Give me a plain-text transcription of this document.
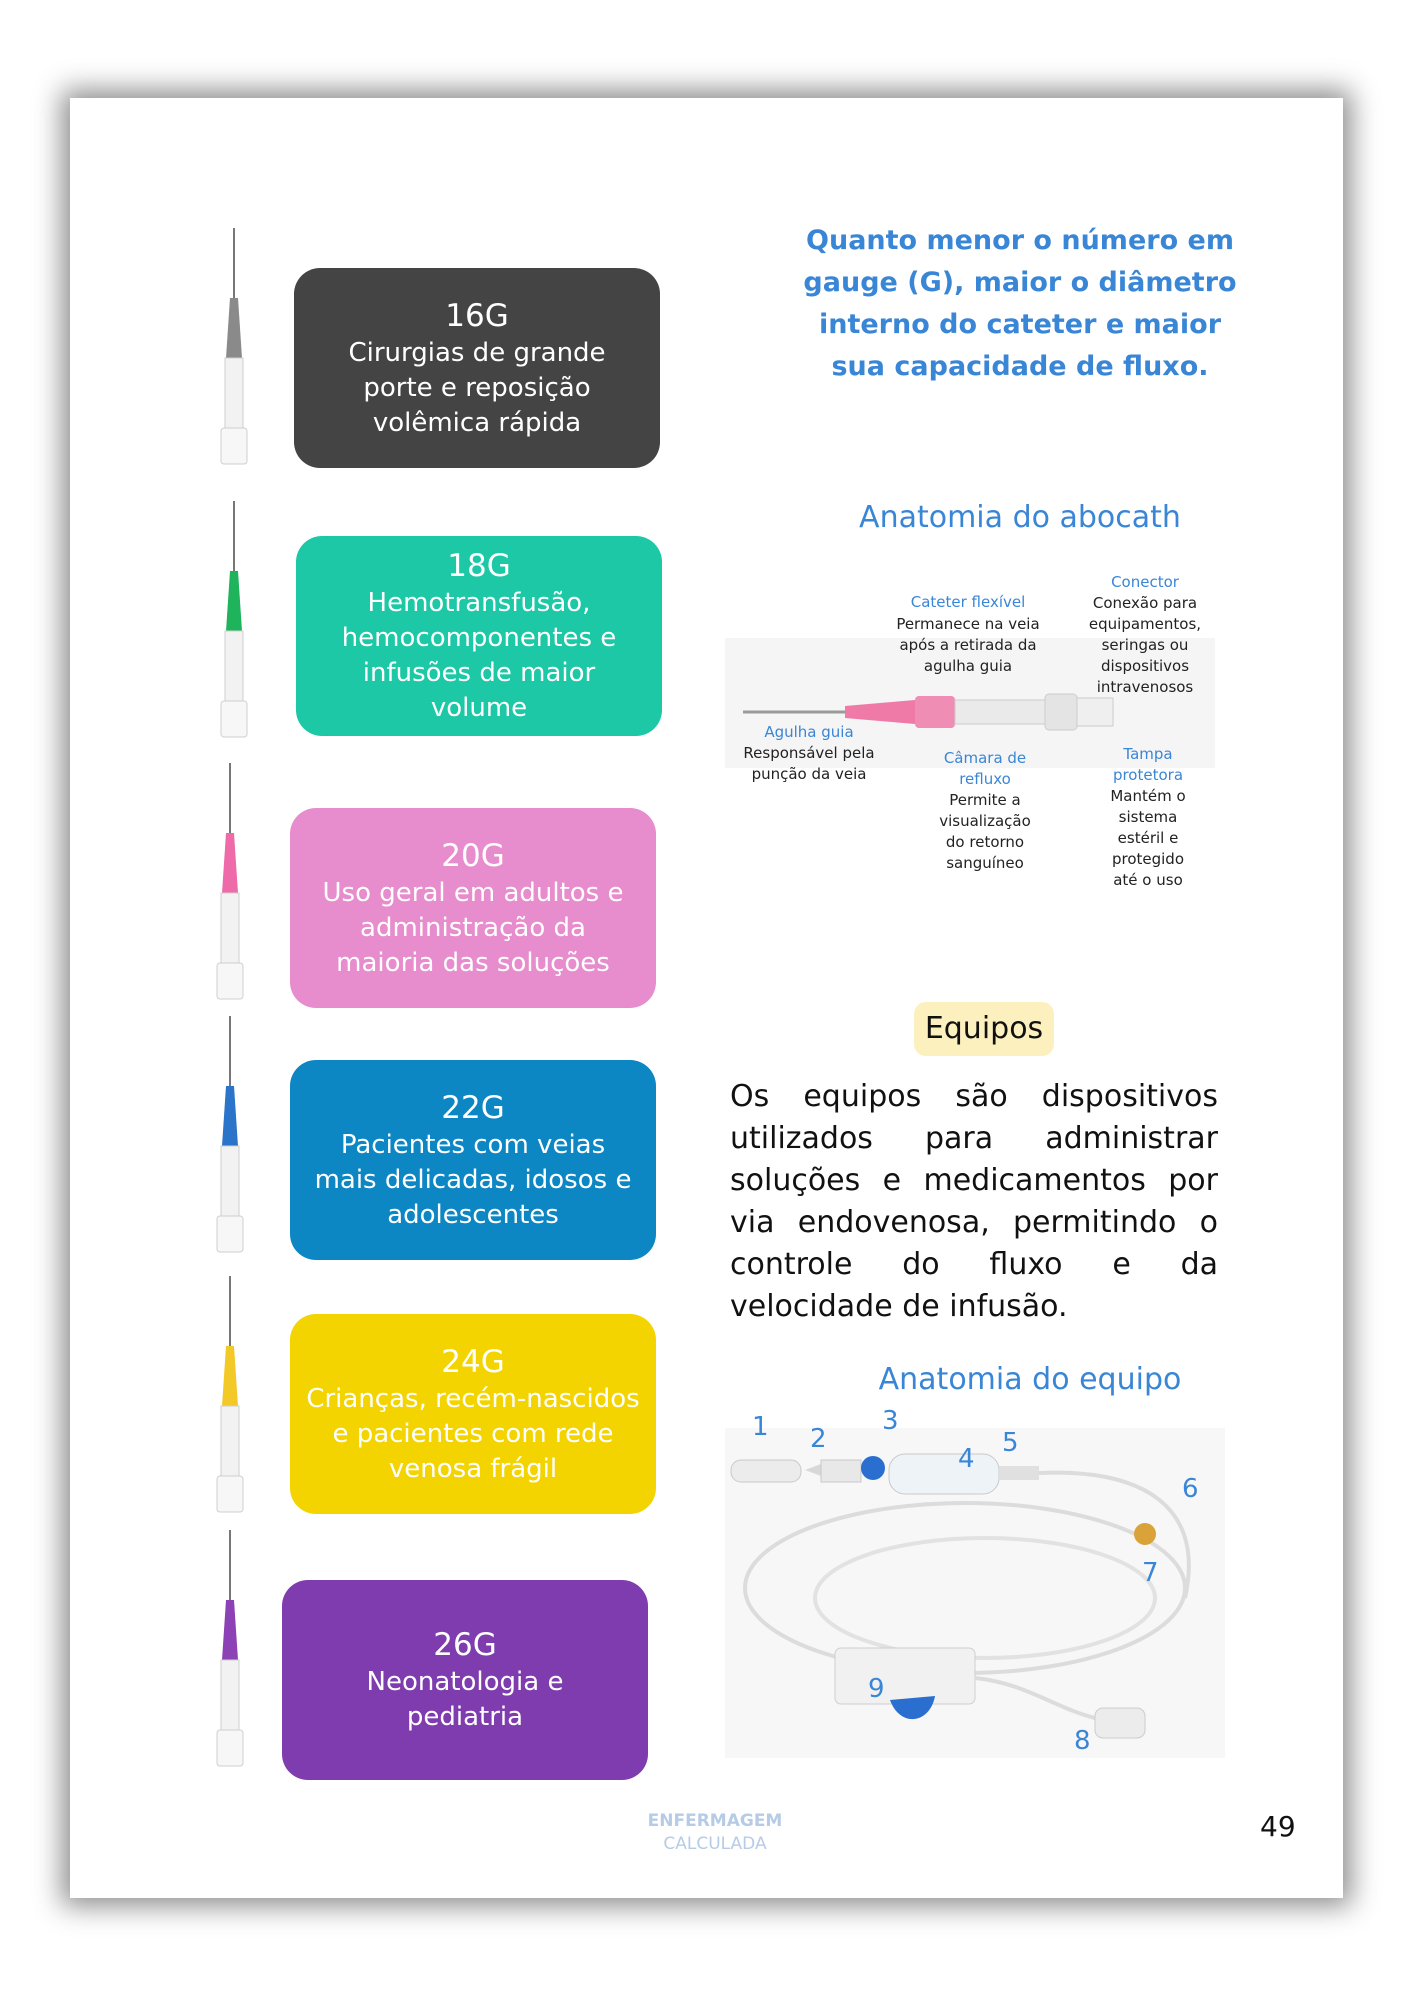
16G
Cirurgias de grande porte e reposição volêmica rápida
18G
Hemotransfusão, hemocomponentes e infusões de maior volume
20G
Uso geral em adultos e administração da maioria das soluções
22G
Pacientes com veias mais delicadas, idosos e adolescentes
24G
Crianças, recém-nascidos e pacientes com rede venosa frágil
26G
Neonatologia e pediatria
Quanto menor o número em gauge (G), maior o diâmetro interno do cateter e maior sua capacidade de fluxo.
Anatomia do abocath
Cateter flexível
Permanece na veia após a retirada da agulha guia
Conector
Conexão para equipamentos, seringas ou dispositivos intravenosos
Agulha guia
Responsável pela punção da veia
Câmara de refluxo
Permite a visualização do retorno sanguíneo
Tampa protetora
Mantém o sistema estéril e protegido até o uso
Equipos
Os equipos são dispositivos utilizados para administrar soluções e medicamentos por via endovenosa, permitindo o controle do fluxo e da velocidade de infusão.
Anatomia do equipo
1 2
3
4
5
6
7
8
9
ENFERMAGEM
CALCULADA
49
